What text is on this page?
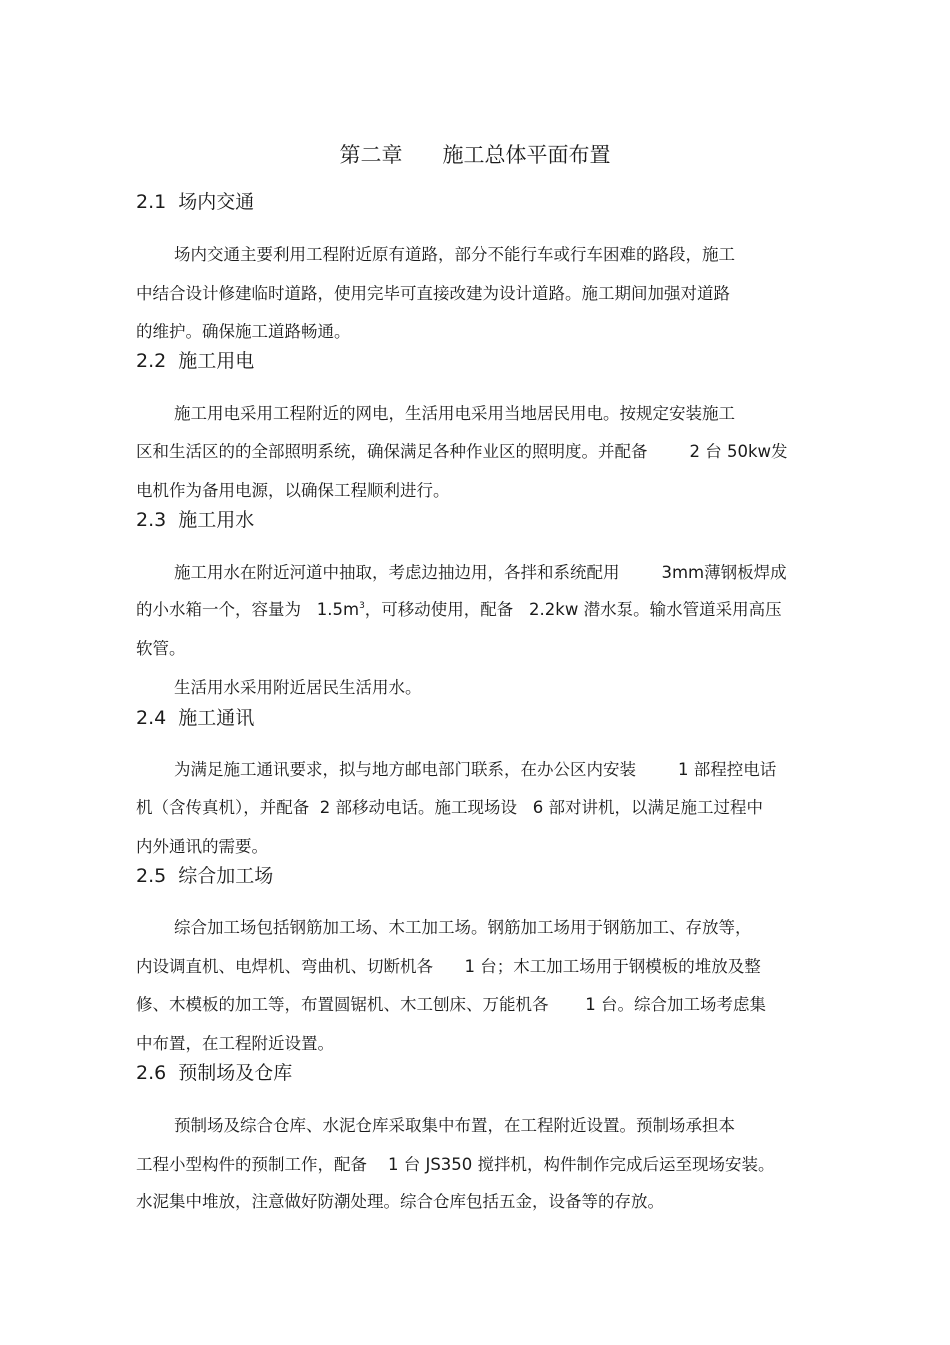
第二章      施工总体平面布置
2.1  场内交通
场内交通主要利用工程附近原有道路，部分不能行车或行车困难的路段，施工
中结合设计修建临时道路，使用完毕可直接改建为设计道路。施工期间加强对道路
的维护。确保施工道路畅通。
2.2  施工用电
施工用电采用工程附近的网电，生活用电采用当地居民用电。按规定安装施工
区和生活区的的全部照明系统，确保满足各种作业区的照明度。并配备        2 台 50kw发
电机作为备用电源，以确保工程顺利进行。
2.3  施工用水
施工用水在附近河道中抽取，考虑边抽边用，各拌和系统配用        3mm薄钢板焊成
的小水箱一个，容量为   $1.5m^3$，可移动使用，配备   2.2kw 潜水泵。输水管道采用高压
软管。
生活用水采用附近居民生活用水。
2.4  施工通讯
为满足施工通讯要求，拟与地方邮电部门联系，在办公区内安装        1 部程控电话
机（含传真机），并配备  2 部移动电话。施工现场设   6 部对讲机，以满足施工过程中
内外通讯的需要。
2.5  综合加工场
综合加工场包括钢筋加工场、木工加工场。钢筋加工场用于钢筋加工、存放等，
内设调直机、电焊机、弯曲机、切断机各      1 台；木工加工场用于钢模板的堆放及整
修、木模板的加工等，布置圆锯机、木工刨床、万能机各       1 台。综合加工场考虑集
中布置，在工程附近设置。
2.6  预制场及仓库
预制场及综合仓库、水泥仓库采取集中布置，在工程附近设置。预制场承担本
工程小型构件的预制工作，配备    1 台 JS350 搅拌机，构件制作完成后运至现场安装。
水泥集中堆放，注意做好防潮处理。综合仓库包括五金，设备等的存放。
